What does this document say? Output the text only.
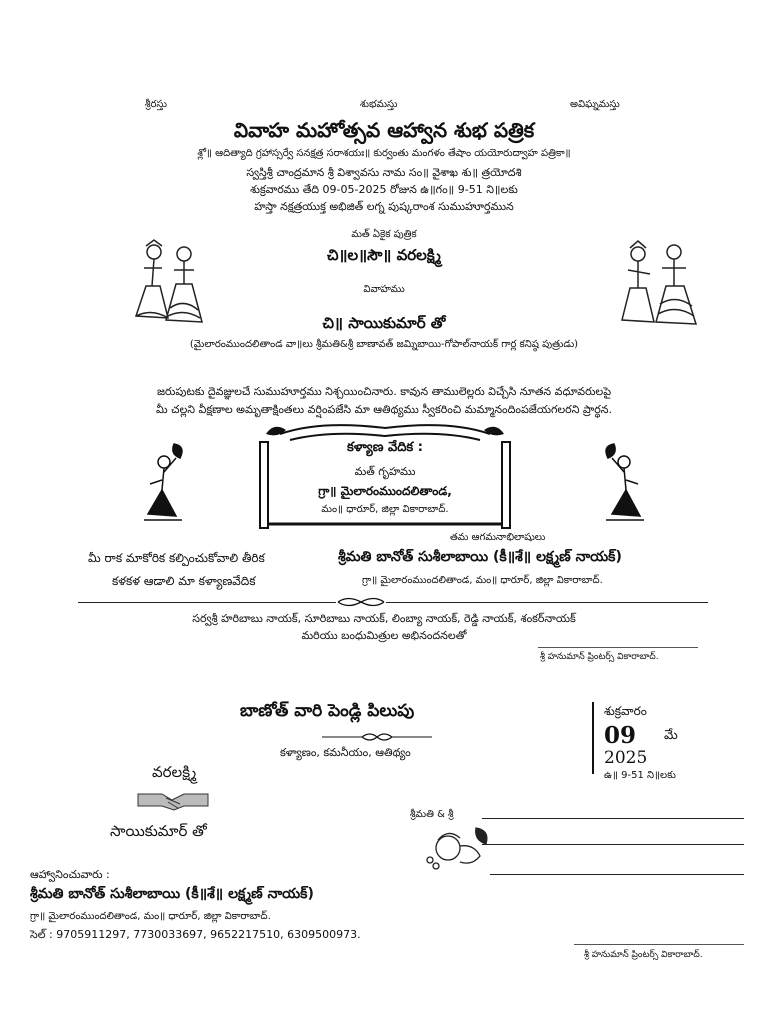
శ్రీరస్తు	శుభమస్తు	అవిఘ్నమస్తు
వివాహ మహోత్సవ ఆహ్వాన శుభ పత్రిక
శ్లో॥ ఆదిత్యాది గ్రహాస్సర్వే సనక్షత్ర సరాశయః॥ కుర్వంతు మంగళం తేషాం యయోరుద్వాహ పత్రికా॥
స్వస్తిశ్రీ చాంద్రమాన శ్రీ విశ్వావసు నామ సం॥ వైశాఖ శు॥ త్రయోదశి
శుక్రవారము తేది 09-05-2025 రోజున ఉ॥గం॥ 9-51 ని॥లకు
హస్తా నక్షత్రయుక్త అభిజిత్ లగ్న పుష్కరాంశ సుముహూర్తమున
మత్ ఏకైక పుత్రిక
చి॥ల॥సౌ॥ వరలక్ష్మి
వివాహము
చి॥ సాయికుమార్ తో
(మైలారంముందలితాండ వా॥లు శ్రీమతి&శ్రీ బాణావత్ జమ్నిబాయి-గోపాల్‌నాయక్ గార్ల కనిష్ఠ పుత్రుడు)
జరుపుటకు దైవజ్ఞులచే సుముహూర్తము నిశ్చయించినారు. కావున తాములెల్లరు విచ్చేసి నూతన వధూవరులపై
మీ చల్లని వీక్షణాల అమృతాక్షింతలు వర్షింపజేసి మా ఆతిథ్యము స్వీకరించి మమ్మానందింపజేయగలరని ప్రార్థన.
కళ్యాణ వేదిక :
మత్ గృహము
గ్రా॥ మైలారంముందలితాండ,
మం॥ ధారూర్, జిల్లా వికారాబాద్.
తమ ఆగమనాభిలాషులు
మీ రాక మాకోరిక కల్పించుకోవాలి తీరిక
కళకళ ఆడాలి మా కళ్యాణవేదిక
శ్రీమతి బానోత్ సుశీలాబాయి (కీ॥శే॥ లక్ష్మణ్ నాయక్)
గ్రా॥ మైలారంముందలితాండ, మం॥ ధారూర్, జిల్లా వికారాబాద్.
సర్వశ్రీ హరిబాబు నాయక్, సూరిబాబు నాయక్, లింబ్యా నాయక్, రెడ్డి నాయక్, శంకర్‌నాయక్
మరియు బంధుమిత్రుల అభినందనలతో
శ్రీ హనుమాన్ ప్రింటర్స్ వికారాబాద్.
బాణోత్ వారి పెండ్లి పిలుపు
కళ్యాణం, కమనీయం, ఆతిథ్యం
శుక్రవారం
09 మే
2025
ఉ॥ 9-51 ని॥లకు
వరలక్ష్మి
సాయికుమార్ తో
శ్రీమతి & శ్రీ
ఆహ్వానించువారు :
శ్రీమతి బానోత్ సుశీలాబాయి (కీ॥శే॥ లక్ష్మణ్ నాయక్)
గ్రా॥ మైలారంముందలితాండ, మం॥ ధారూర్, జిల్లా వికారాబాద్.
సెల్ : 9705911297, 7730033697, 9652217510, 6309500973.
శ్రీ హనుమాన్ ప్రింటర్స్ వికారాబాద్.
